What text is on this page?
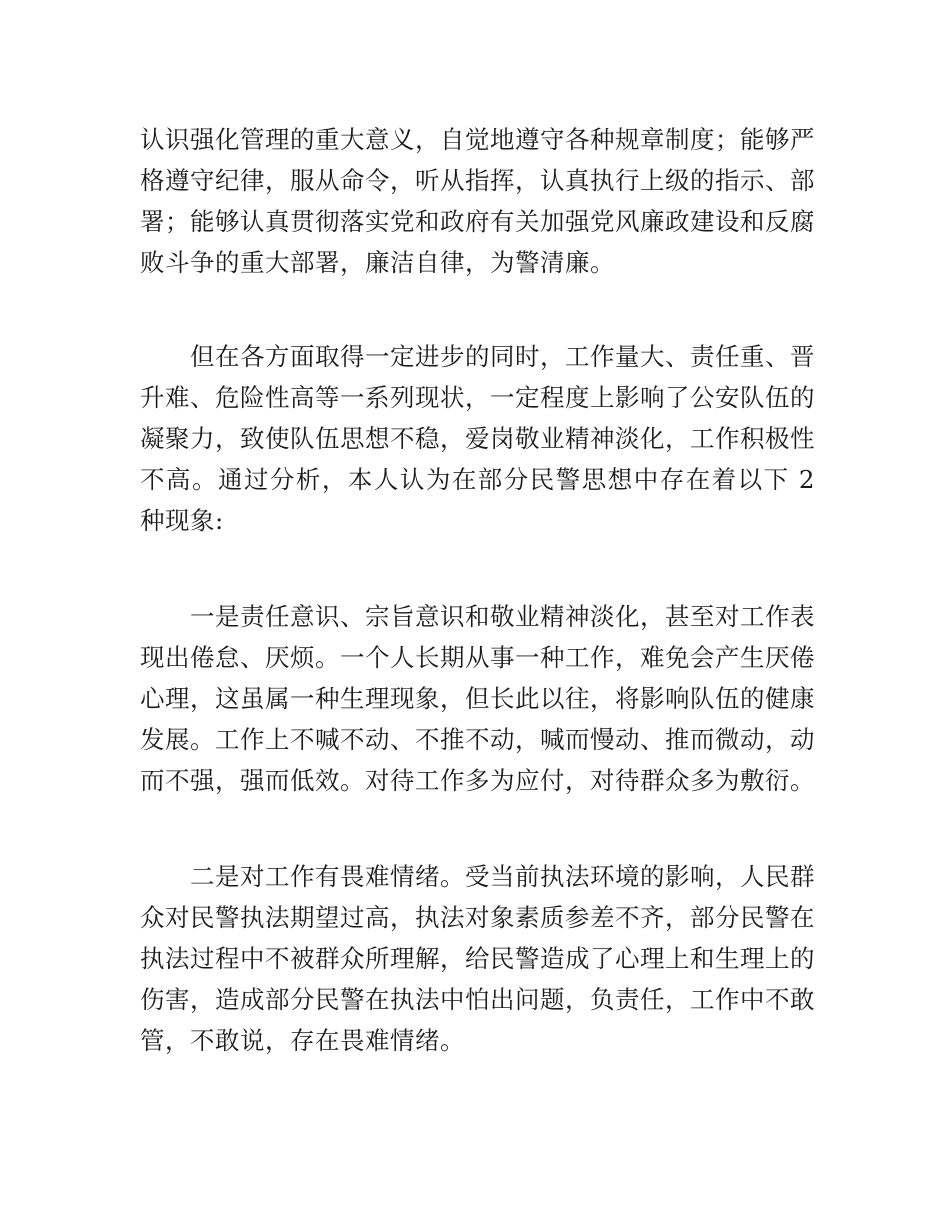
认识强化管理的重大意义，自觉地遵守各种规章制度；能够严格遵守纪律，服从命令，听从指挥，认真执行上级的指示、部署；能够认真贯彻落实党和政府有关加强党风廉政建设和反腐败斗争的重大部署，廉洁自律，为警清廉。

但在各方面取得一定进步的同时，工作量大、责任重、晋升难、危险性高等一系列现状，一定程度上影响了公安队伍的凝聚力，致使队伍思想不稳，爱岗敬业精神淡化，工作积极性不高。通过分析，本人认为在部分民警思想中存在着以下 2 种现象:

一是责任意识、宗旨意识和敬业精神淡化，甚至对工作表现出倦怠、厌烦。一个人长期从事一种工作，难免会产生厌倦心理，这虽属一种生理现象，但长此以往，将影响队伍的健康发展。工作上不喊不动、不推不动，喊而慢动、推而微动，动而不强，强而低效。对待工作多为应付，对待群众多为敷衍。

二是对工作有畏难情绪。受当前执法环境的影响，人民群众对民警执法期望过高，执法对象素质参差不齐，部分民警在执法过程中不被群众所理解，给民警造成了心理上和生理上的伤害，造成部分民警在执法中怕出问题，负责任，工作中不敢管，不敢说，存在畏难情绪。
